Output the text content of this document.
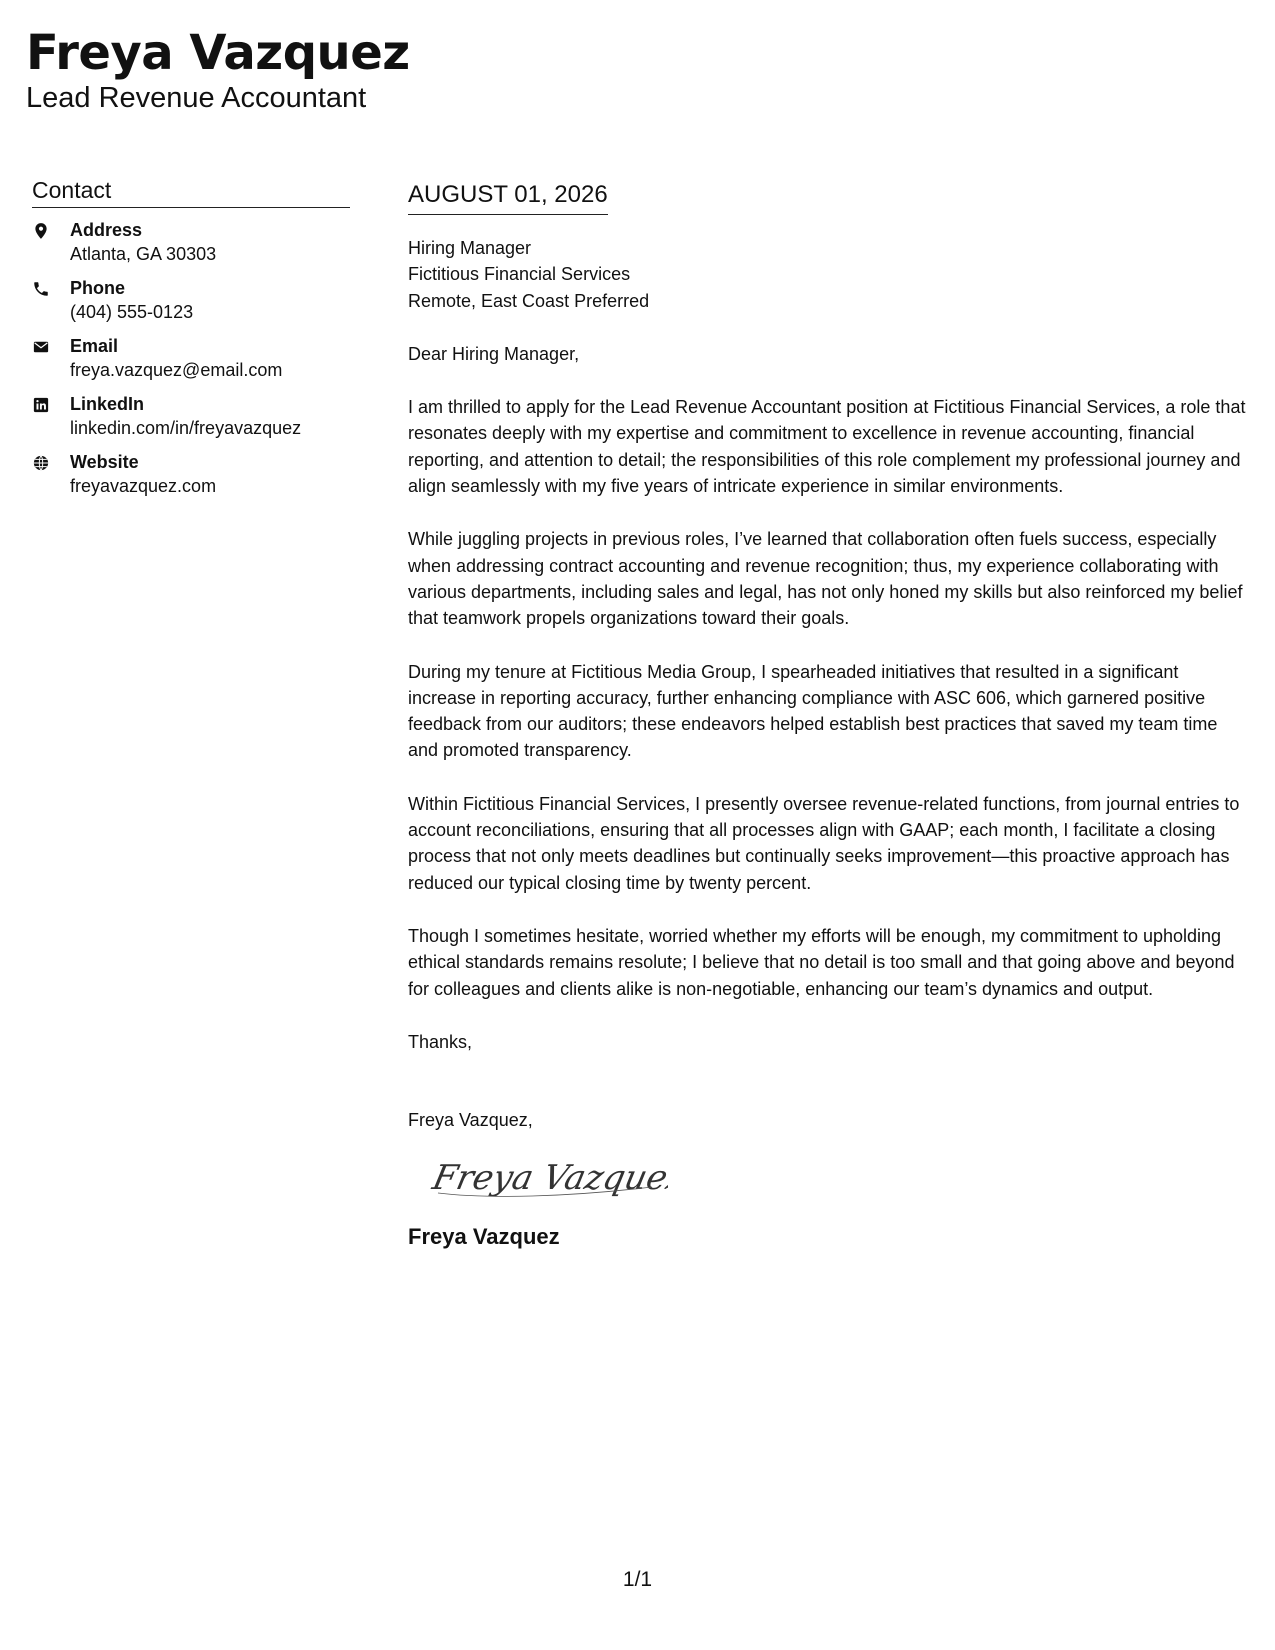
Freya Vazquez
Lead Revenue Accountant
Contact
Address
Atlanta, GA 30303
Phone
(404) 555-0123
Email
freya.vazquez@email.com
LinkedIn
linkedin.com/in/freyavazquez
Website
freyavazquez.com
AUGUST 01, 2026

Hiring Manager

Fictitious Financial Services

Remote, East Coast Preferred

Dear Hiring Manager,

I am thrilled to apply for the Lead Revenue Accountant position at Fictitious Financial Services, a role that resonates deeply with my expertise and commitment to excellence in revenue accounting, financial reporting, and attention to detail; the responsibilities of this role complement my professional journey and align seamlessly with my five years of intricate experience in similar environments.

While juggling projects in previous roles, I’ve learned that collaboration often fuels success, especially when addressing contract accounting and revenue recognition; thus, my experience collaborating with various departments, including sales and legal, has not only honed my skills but also reinforced my belief that teamwork propels organizations toward their goals.

During my tenure at Fictitious Media Group, I spearheaded initiatives that resulted in a significant increase in reporting accuracy, further enhancing compliance with ASC 606, which garnered positive feedback from our auditors; these endeavors helped establish best practices that saved my team time and promoted transparency.

Within Fictitious Financial Services, I presently oversee revenue-related functions, from journal entries to account reconciliations, ensuring that all processes align with GAAP; each month, I facilitate a closing process that not only meets deadlines but continually seeks improvement—this proactive approach has reduced our typical closing time by twenty percent.

Though I sometimes hesitate, worried whether my efforts will be enough, my commitment to upholding ethical standards remains resolute; I believe that no detail is too small and that going above and beyond for colleagues and clients alike is non-negotiable, enhancing our team’s dynamics and output.

Thanks,

Freya Vazquez,

Freya Vazquez
Freya Vazquez
1/1
